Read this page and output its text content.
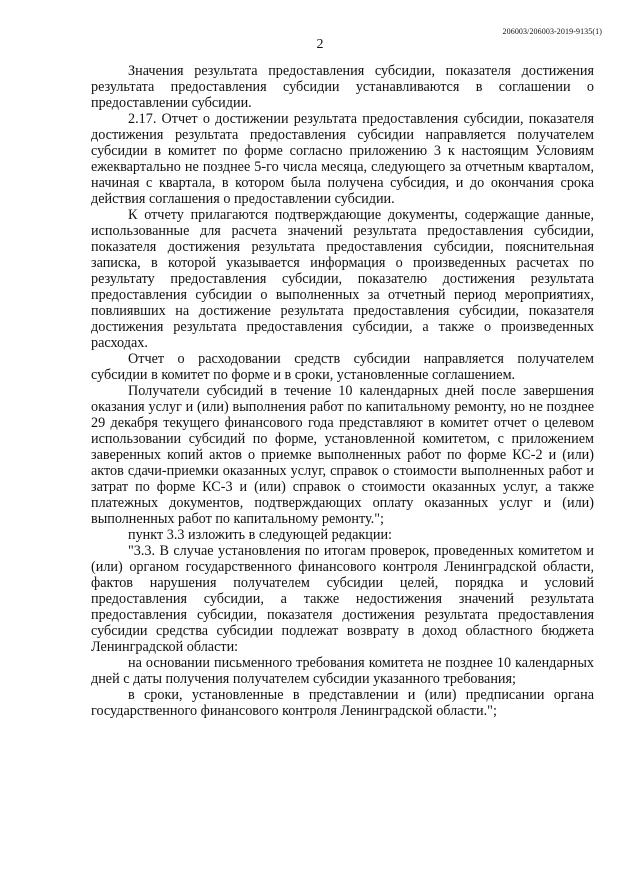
206003/206003-2019-9135(1)
2

Значения результата предоставления субсидии, показателя достижения результата предоставления субсидии устанавливаются в соглашении о предоставлении субсидии.

2.17. Отчет о достижении результата предоставления субсидии, показателя достижения результата предоставления субсидии направляется получателем субсидии в комитет по форме согласно приложению 3 к настоящим Условиям ежеквартально не позднее 5-го числа месяца, следующего за отчетным кварталом, начиная с квартала, в котором была получена субсидия, и до окончания срока действия соглашения о предоставлении субсидии.

К отчету прилагаются подтверждающие документы, содержащие данные, использованные для расчета значений результата предоставления субсидии, показателя достижения результата предоставления субсидии, пояснительная записка, в которой указывается информация о произведенных расчетах по результату предоставления субсидии, показателю достижения результата предоставления субсидии о выполненных за отчетный период мероприятиях, повлиявших на достижение результата предоставления субсидии, показателя достижения результата предоставления субсидии, а также о произведенных расходах.

Отчет о расходовании средств субсидии направляется получателем субсидии в комитет по форме и в сроки, установленные соглашением.

Получатели субсидий в течение 10 календарных дней после завершения оказания услуг и (или) выполнения работ по капитальному ремонту, но не позднее 29 декабря текущего финансового года представляют в комитет отчет о целевом использовании субсидий по форме, установленной комитетом, с приложением заверенных копий актов о приемке выполненных работ по форме КС-2 и (или) актов сдачи-приемки оказанных услуг, справок о стоимости выполненных работ и затрат по форме КС-3 и (или) справок о стоимости оказанных услуг, а также платежных документов, подтверждающих оплату оказанных услуг и (или) выполненных работ по капитальному ремонту.";

пункт 3.3 изложить в следующей редакции:

"3.3. В случае установления по итогам проверок, проведенных комитетом и (или) органом государственного финансового контроля Ленинградской области, фактов нарушения получателем субсидии целей, порядка и условий предоставления субсидии, а также недостижения значений результата предоставления субсидии, показателя достижения результата предоставления субсидии средства субсидии подлежат возврату в доход областного бюджета Ленинградской области:

на основании письменного требования комитета не позднее 10 календарных дней с даты получения получателем субсидии указанного требования;

в сроки, установленные в представлении и (или) предписании органа государственного финансового контроля Ленинградской области.";
